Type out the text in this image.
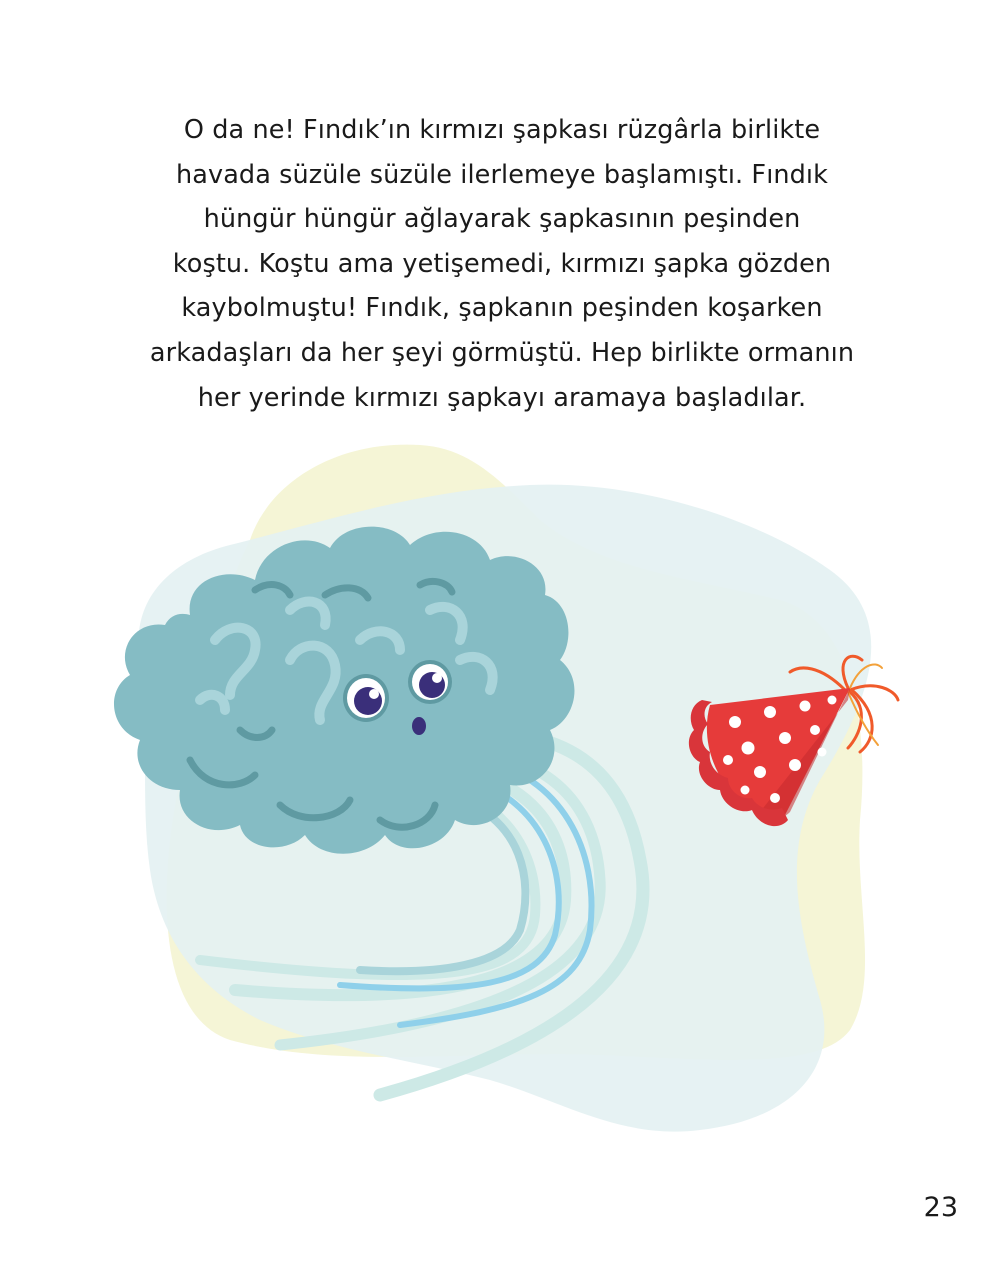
O da ne! Fındık’ın kırmızı şapkası rüzgârla birlikte
havada süzüle süzüle ilerlemeye başlamıştı. Fındık
hüngür hüngür ağlayarak şapkasının peşinden
koştu. Koştu ama yetişemedi, kırmızı şapka gözden
kaybolmuştu! Fındık, şapkanın peşinden koşarken
arkadaşları da her şeyi görmüştü. Hep birlikte ormanın
her yerinde kırmızı şapkayı aramaya başladılar.
23
